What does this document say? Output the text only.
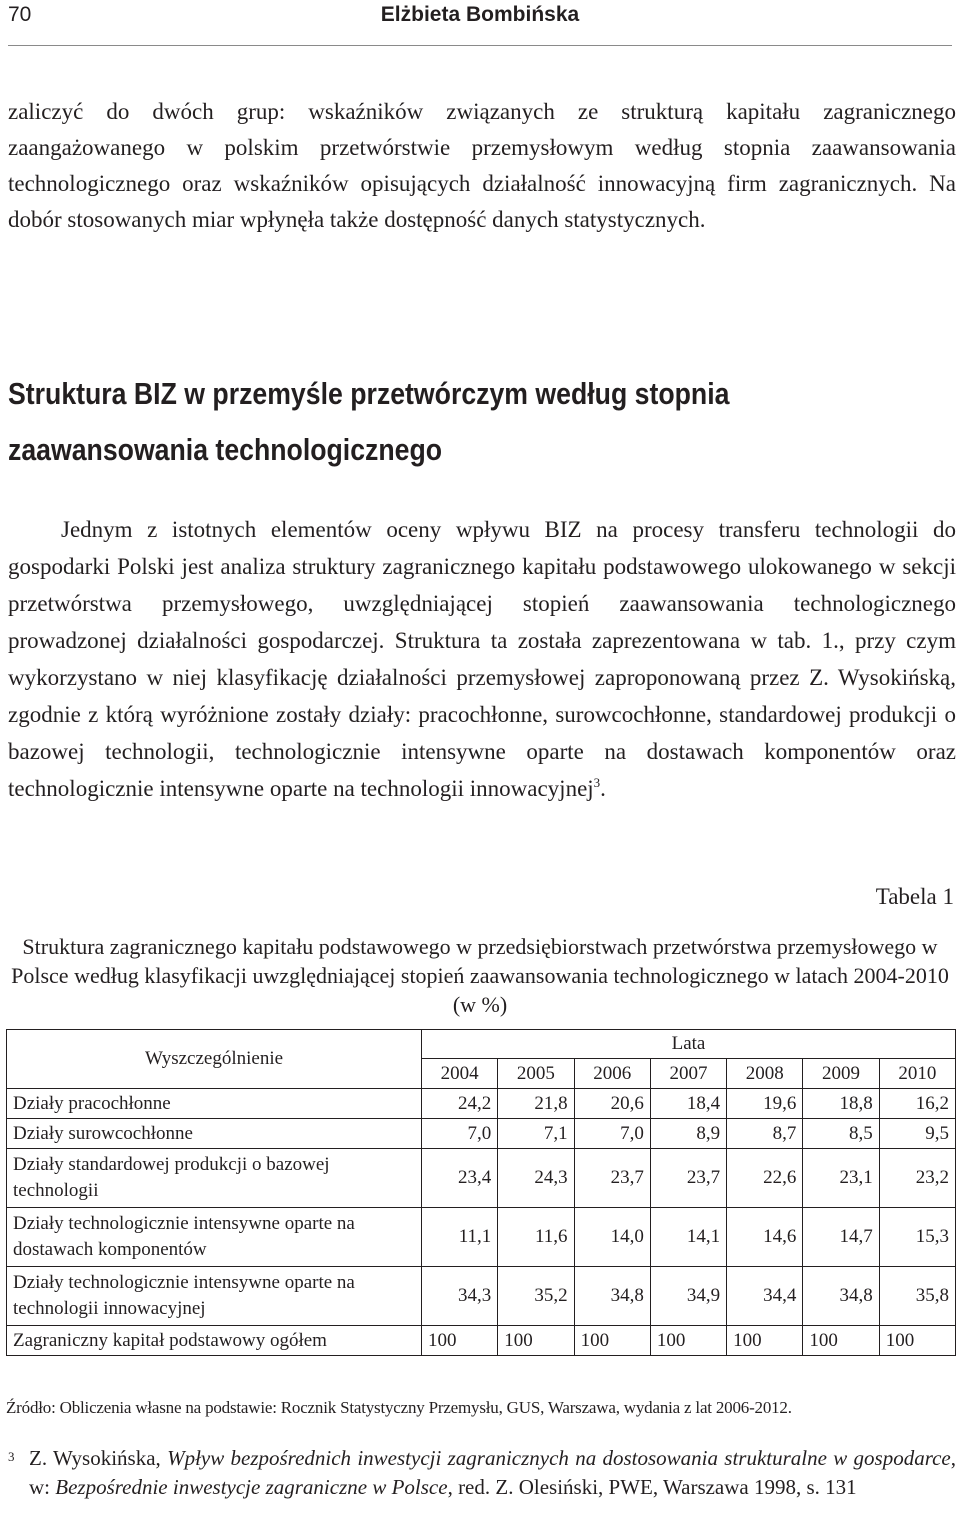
70	Elżbieta Bombińska

zaliczyć do dwóch grup: wskaźników związanych ze strukturą kapitału zagranicznego zaangażowanego w polskim przetwórstwie przemysłowym według stopnia zaawansowania technologicznego oraz wskaźników opisujących działalność innowacyjną firm zagranicznych. Na dobór stosowanych miar wpłynęła także dostępność danych statystycznych.

Struktura BIZ w przemyśle przetwórczym według stopnia zaawansowania technologicznego

Jednym z istotnych elementów oceny wpływu BIZ na procesy transferu technologii do gospodarki Polski jest analiza struktury zagranicznego kapitału podstawowego ulokowanego w sekcji przetwórstwa przemysłowego, uwzględniającej stopień zaawansowania technologicznego prowadzonej działalności gospodarczej. Struktura ta została zaprezentowana w tab. 1., przy czym wykorzystano w niej klasyfikację działalności przemysłowej zaproponowaną przez Z. Wysokińską, zgodnie z którą wyróżnione zostały działy: pracochłonne, surowcochłonne, standardowej produkcji o bazowej technologii, technologicznie intensywne oparte na dostawach komponentów oraz technologicznie intensywne oparte na technologii innowacyjnej$^3$.

Tabela 1

Struktura zagranicznego kapitału podstawowego w przedsiębiorstwach przetwórstwa przemysłowego w Polsce według klasyfikacji uwzględniającej stopień zaawansowania technologicznego w latach 2004-2010 (w %)

Wyszczególnienie	Lata						
	2004	2005	2006	2007	2008	2009	2010
Działy pracochłonne	24,2	21,8	20,6	18,4	19,6	18,8	16,2
Działy surowcochłonne	7,0	7,1	7,0	8,9	8,7	8,5	9,5
Działy standardowej produkcji o bazowej technologii	23,4	24,3	23,7	23,7	22,6	23,1	23,2
Działy technologicznie intensywne oparte na dostawach komponentów	11,1	11,6	14,0	14,1	14,6	14,7	15,3
Działy technologicznie intensywne oparte na technologii innowacyjnej	34,3	35,2	34,8	34,9	34,4	34,8	35,8
Zagraniczny kapitał podstawowy ogółem	100	100	100	100	100	100	100

Źródło: Obliczenia własne na podstawie: Rocznik Statystyczny Przemysłu, GUS, Warszawa, wydania z lat 2006-2012.

3 Z. Wysokińska, Wpływ bezpośrednich inwestycji zagranicznych na dostosowania strukturalne w gospodarce, w: Bezpośrednie inwestycje zagraniczne w Polsce, red. Z. Olesiński, PWE, Warszawa 1998, s. 131
